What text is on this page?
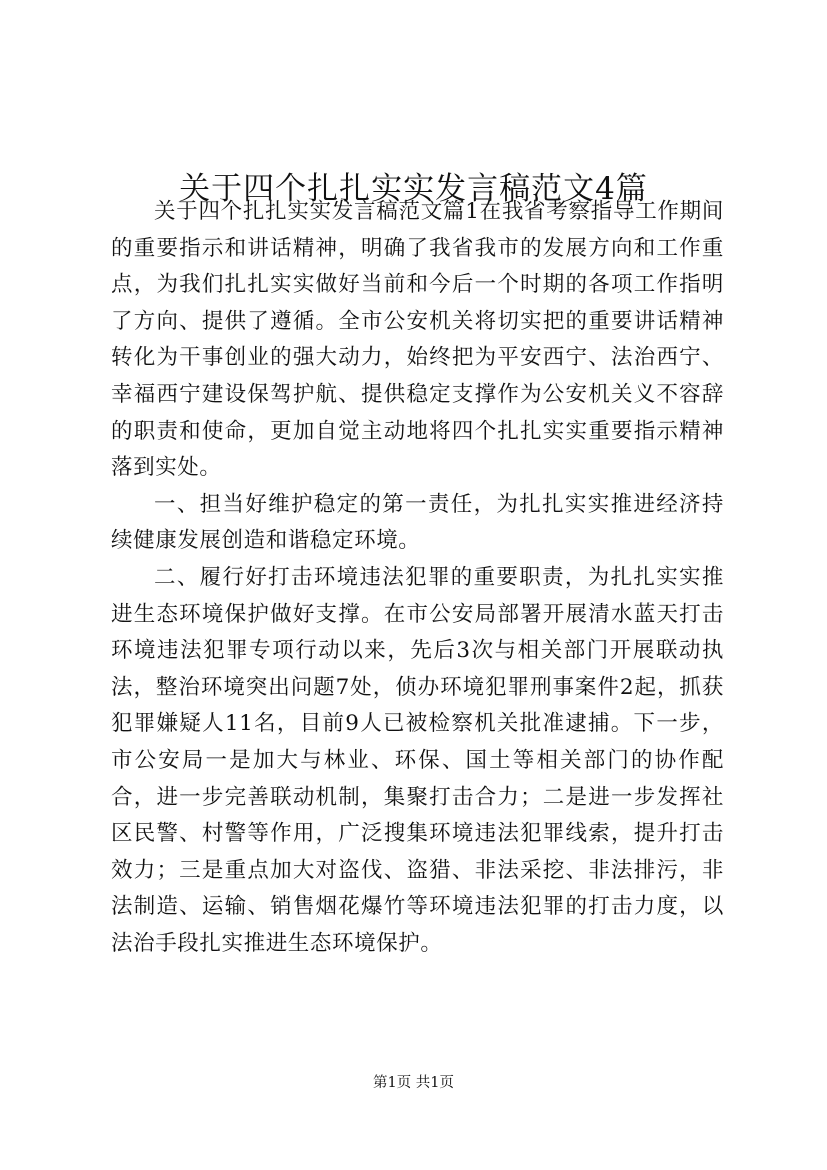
关于四个扎扎实实发言稿范文4篇

关于四个扎扎实实发言稿范文篇1在我省考察指导工作期间的重要指示和讲话精神，明确了我省我市的发展方向和工作重点，为我们扎扎实实做好当前和今后一个时期的各项工作指明了方向、提供了遵循。全市公安机关将切实把的重要讲话精神转化为干事创业的强大动力，始终把为平安西宁、法治西宁、幸福西宁建设保驾护航、提供稳定支撑作为公安机关义不容辞的职责和使命，更加自觉主动地将四个扎扎实实重要指示精神落到实处。

一、担当好维护稳定的第一责任，为扎扎实实推进经济持续健康发展创造和谐稳定环境。

二、履行好打击环境违法犯罪的重要职责，为扎扎实实推进生态环境保护做好支撑。在市公安局部署开展清水蓝天打击环境违法犯罪专项行动以来，先后3次与相关部门开展联动执法，整治环境突出问题7处，侦办环境犯罪刑事案件2起，抓获犯罪嫌疑人11名，目前9人已被检察机关批准逮捕。下一步，市公安局一是加大与林业、环保、国土等相关部门的协作配合，进一步完善联动机制，集聚打击合力；二是进一步发挥社区民警、村警等作用，广泛搜集环境违法犯罪线索，提升打击效力；三是重点加大对盗伐、盗猎、非法采挖、非法排污，非法制造、运输、销售烟花爆竹等环境违法犯罪的打击力度，以法治手段扎实推进生态环境保护。

第1页 共1页
